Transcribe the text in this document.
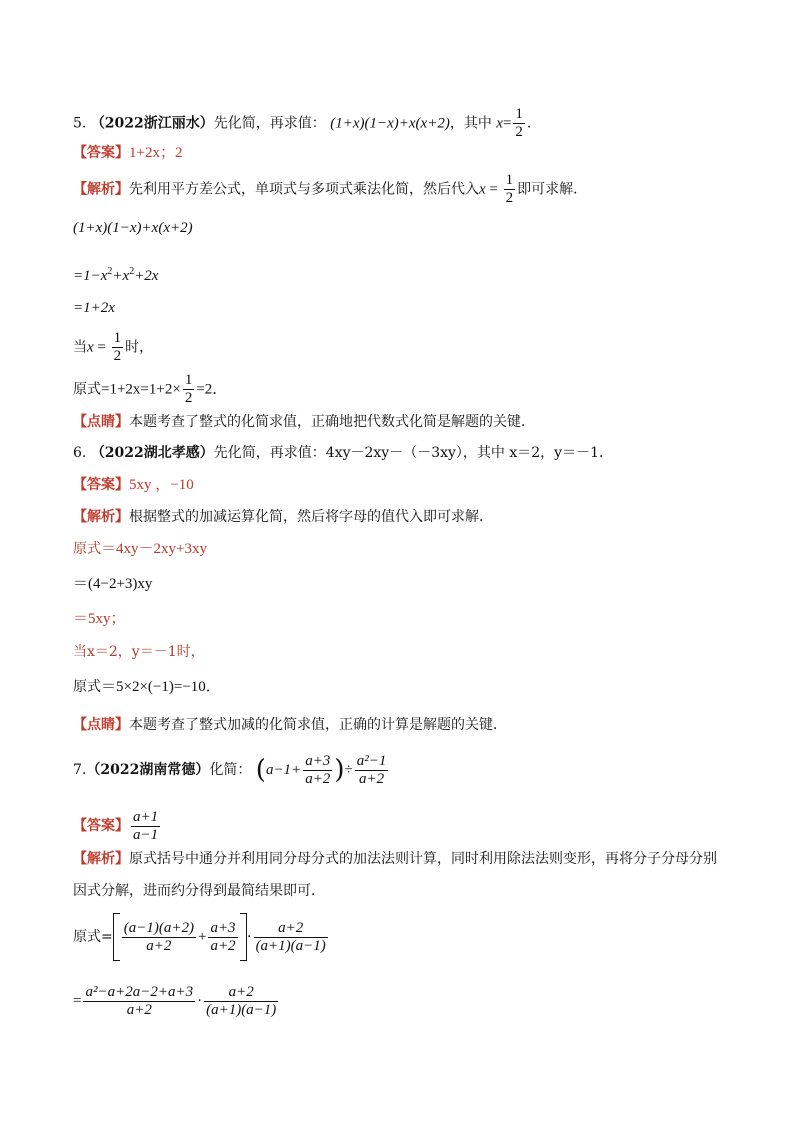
5. （2022浙江丽水）先化简，再求值： (1+x)(1−x)+x(x+2)，其中 $x= \frac{1}{2}$ .
【答案】1+2x；2
【解析】先利用平方差公式，单项式与多项式乘法化简，然后代入$x = \frac{1}{2}$ 即可求解．
(1+x)(1−x)+x(x+2)
$=1-x^2+x^2+2x$
=1+2x
当$x = \frac{1}{2}$ 时，
原式$=1+2x=1+2\times \frac{1}{2} =2$．
【点睛】本题考查了整式的化简求值，正确地把代数式化简是解题的关键．
6. （2022湖北孝感）先化简，再求值：4xy－2xy－（－3xy），其中 x＝2，y＝－1．
【答案】5xy ，−10
【解析】根据整式的加减运算化简，然后将字母的值代入即可求解．
原式＝4xy－2xy+3xy
＝(4−2+3)xy
＝5xy；
当x＝2，y＝－1时，
原式＝5×2×(−1)=−10．
【点睛】本题考查了整式加减的化简求值，正确的计算是解题的关键．
7.（2022湖南常德）化简： ($a-1+ \frac{a+3}{a+2}$ )÷ $\frac{\text{a²−1}}{a+2}$
【答案】 $\frac{a+1}{a-1}$
【解析】原式括号中通分并利用同分母分式的加法法则计算，同时利用除法法则变形，再将分子分母分别
因式分解，进而约分得到最简结果即可．
原式= $\frac{(a-1)(a+2)}{a+2} + \frac{a+3}{a+2} \cdot \frac{a+2}{(a+1)(a-1)}$
= $\frac{\text{a²−a+2a−2+a+3}}{a+2} \cdot \frac{a+2}{(a+1)(a-1)}$
